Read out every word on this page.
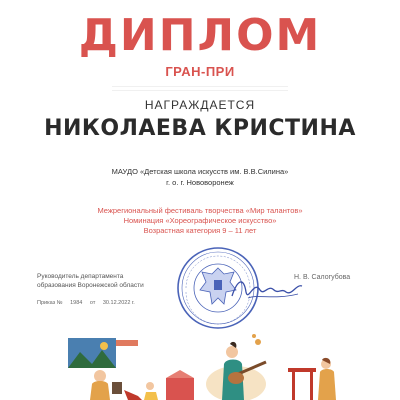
ДИПЛОМ
ГРАН-ПРИ
НАГРАЖДАЕТСЯ
НИКОЛАЕВА КРИСТИНА
МАУДО «Детская школа искусств им. В.В.Силина»
г. о. г. Нововоронеж
Межрегиональный фестиваль творчества «Мир талантов»
Номинация «Хореографическое искусство»
Возрастная категория 9 – 11 лет
Руководитель департамента
образования Воронежской области
Приказ № 1984 от 30.12.2022 г.
Н. В. Салогубова
